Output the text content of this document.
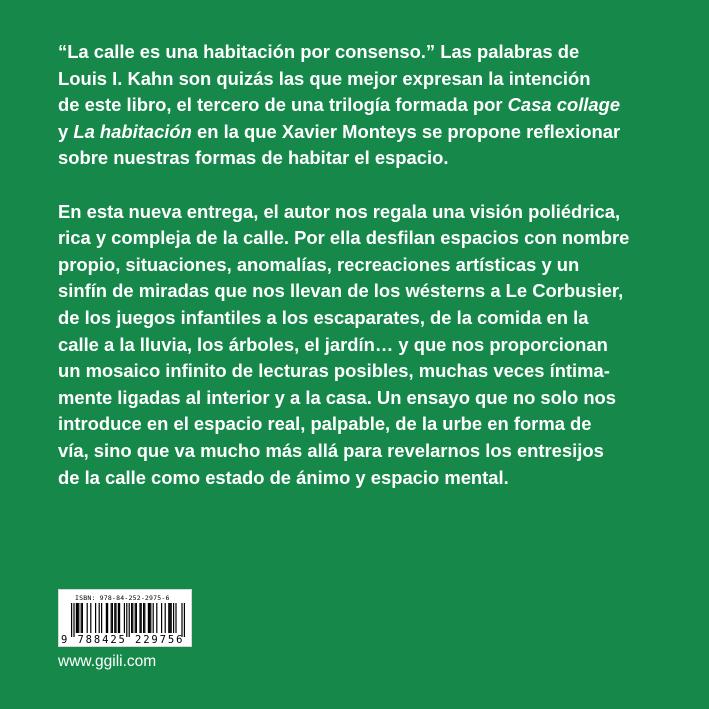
“La calle es una habitación por consenso.” Las palabras de
Louis I. Kahn son quizás las que mejor expresan la intención
de este libro, el tercero de una trilogía formada por Casa collage
y La habitación en la que Xavier Monteys se propone reflexionar
sobre nuestras formas de habitar el espacio.
En esta nueva entrega, el autor nos regala una visión poliédrica,
rica y compleja de la calle. Por ella desfilan espacios con nombre
propio, situaciones, anomalías, recreaciones artísticas y un
sinfín de miradas que nos llevan de los wésterns a Le Corbusier,
de los juegos infantiles a los escaparates, de la comida en la
calle a la lluvia, los árboles, el jardín… y que nos proporcionan
un mosaico infinito de lecturas posibles, muchas veces íntima-
mente ligadas al interior y a la casa. Un ensayo que no solo nos
introduce en el espacio real, palpable, de la urbe en forma de
vía, sino que va mucho más allá para revelarnos los entresijos
de la calle como estado de ánimo y espacio mental.
ISBN: 978-84-252-2975-6
9 788425 229756
www.ggili.com
